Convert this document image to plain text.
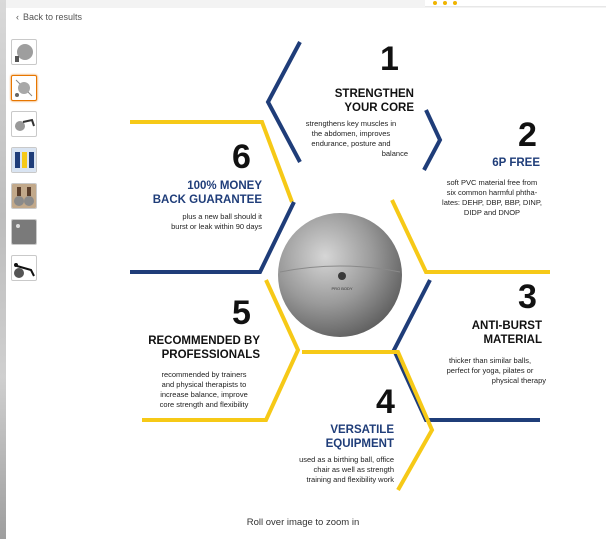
‹ Back to results
PRO BODY
1
STRENGTHEN
YOUR CORE
strengthens key muscles in
the abdomen, improves
endurance, posture and
balance	2
6P FREE
soft PVC material free from
six common harmful phtha-
lates: DEHP, DBP, BBP, DINP,
DIDP and DNOP
3
ANTI-BURST
MATERIAL
thicker than similar balls,
perfect for yoga, pilates or
physical therapy
4
VERSATILE
EQUIPMENT
used as a birthing ball, office
chair as well as strength
training and flexibility work
5
RECOMMENDED BY
PROFESSIONALS
recommended by trainers
and physical therapists to
increase balance, improve
core strength and flexibility
6
100% MONEY
BACK GUARANTEE
plus a new ball should it
burst or leak within 90 days
Roll over image to zoom in
